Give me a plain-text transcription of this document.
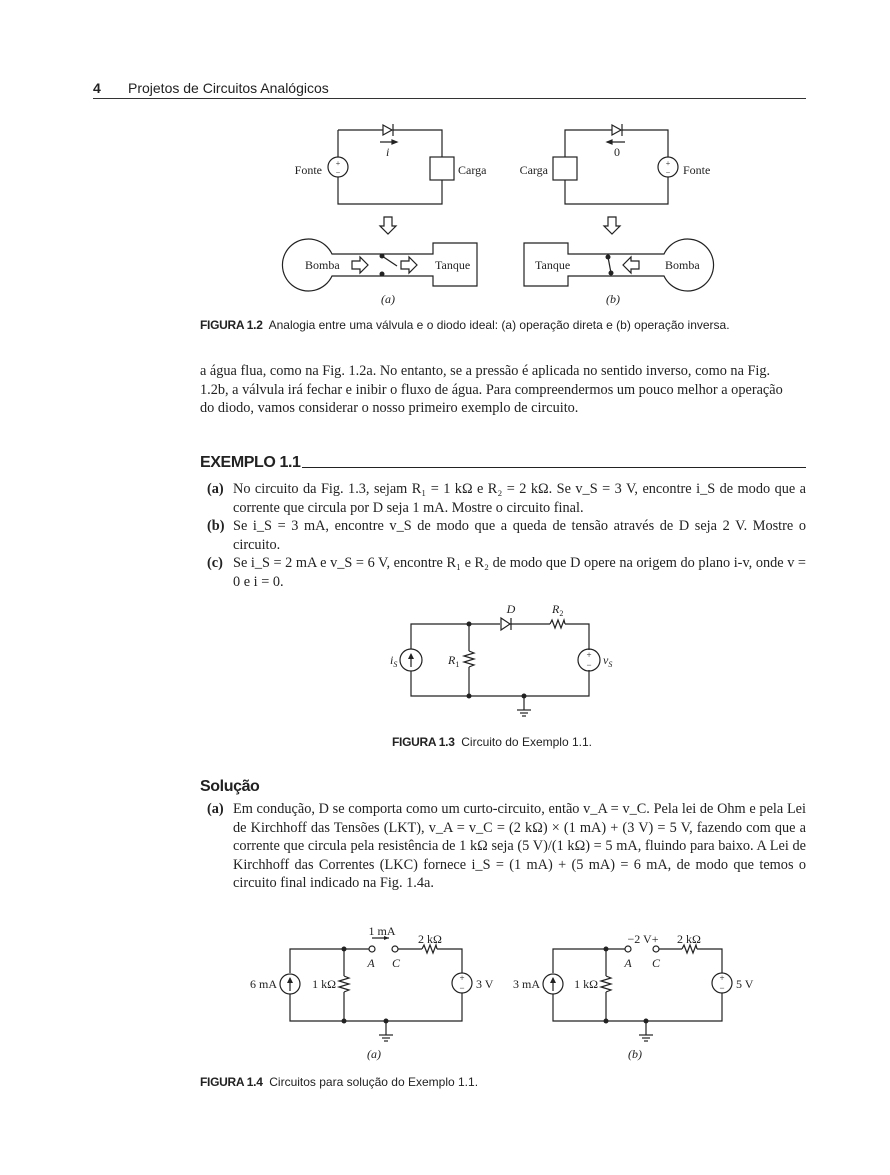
4 Projetos de Circuitos Analógicos
+
−
+
−
Fonte	Carga
i
Bomba	Tanque
(a)
Carga	Fonte
0
Tanque	Bomba
(b)
FIGURA 1.2 Analogia entre uma válvula e o diodo ideal: (a) operação direta e (b) operação inversa.
a água flua, como na Fig. 1.2a. No entanto, se a pressão é aplicada no sentido inverso, como na Fig.
1.2b, a válvula irá fechar e inibir o fluxo de água. Para compreendermos um pouco melhor a operação
do diodo, vamos considerar o nosso primeiro exemplo de circuito.
EXEMPLO 1.1
(a) No circuito da Fig. 1.3, sejam R₁ = 1 kΩ e R₂ = 2 kΩ. Se v_S = 3 V, encontre i_S de modo que a corrente que circula por D seja 1 mA. Mostre o circuito final.
(b) Se i_S = 3 mA, encontre v_S de modo que a queda de tensão através de D seja 2 V. Mostre o circuito.
(c) Se i_S = 2 mA e v_S = 6 V, encontre R₁ e R₂ de modo que D opere na origem do plano i-v, onde v = 0 e i = 0.
+
−
D	$R_2$
$R_1$
$i_S$	$v_S$
FIGURA 1.3 Circuito do Exemplo 1.1.
Solução
(a) Em condução, D se comporta como um curto-circuito, então v_A = v_C. Pela lei de Ohm e pela Lei de Kirchhoff das Tensões (LKT), v_A = v_C = (2 kΩ) × (1 mA) + (3 V) = 5 V, fazendo com que a corrente que circula pela resistência de 1 kΩ seja (5 V)/(1 kΩ) = 5 mA, fluindo para baixo. A Lei de Kirchhoff das Correntes (LKC) fornece i_S = (1 mA) + (5 mA) = 6 mA, de modo que temos o circuito final indicado na Fig. 1.4a.
+
−
+
−
6 mA	1 kΩ
2 kΩ
3 V
1 mA
A C
(a)
3 mA	1 kΩ
2 kΩ
5 V
−2 V+
A C
(b)
FIGURA 1.4 Circuitos para solução do Exemplo 1.1.
